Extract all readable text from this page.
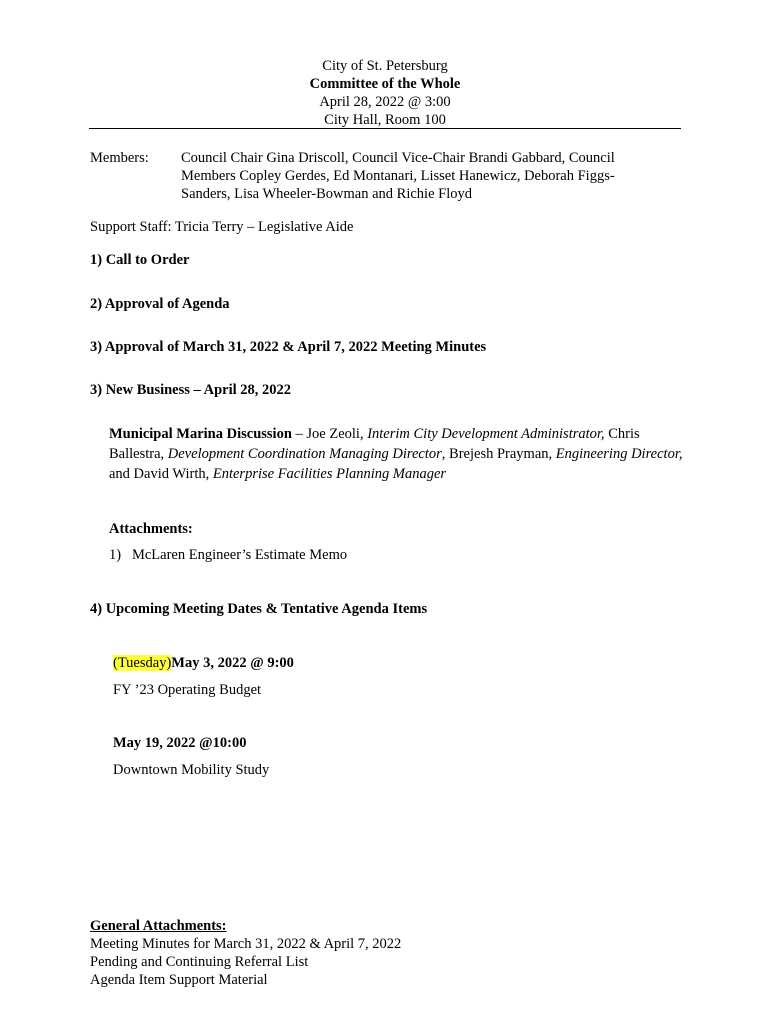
City of St. Petersburg
Committee of the Whole
April 28, 2022 @ 3:00
City Hall, Room 100
Members: Council Chair Gina Driscoll, Council Vice-Chair Brandi Gabbard, Council Members Copley Gerdes, Ed Montanari, Lisset Hanewicz, Deborah Figgs-Sanders, Lisa Wheeler-Bowman and Richie Floyd
Support Staff: Tricia Terry – Legislative Aide
1) Call to Order
2) Approval of Agenda
3) Approval of March 31, 2022 & April 7, 2022 Meeting Minutes
3) New Business – April 28, 2022
Municipal Marina Discussion – Joe Zeoli, Interim City Development Administrator, Chris Ballestra, Development Coordination Managing Director, Brejesh Prayman, Engineering Director, and David Wirth, Enterprise Facilities Planning Manager
Attachments:
1)   McLaren Engineer’s Estimate Memo
4) Upcoming Meeting Dates & Tentative Agenda Items
(Tuesday)May 3, 2022 @ 9:00
FY ’23 Operating Budget
May 19, 2022 @10:00
Downtown Mobility Study
General Attachments:
Meeting Minutes for March 31, 2022 & April 7, 2022
Pending and Continuing Referral List
Agenda Item Support Material
